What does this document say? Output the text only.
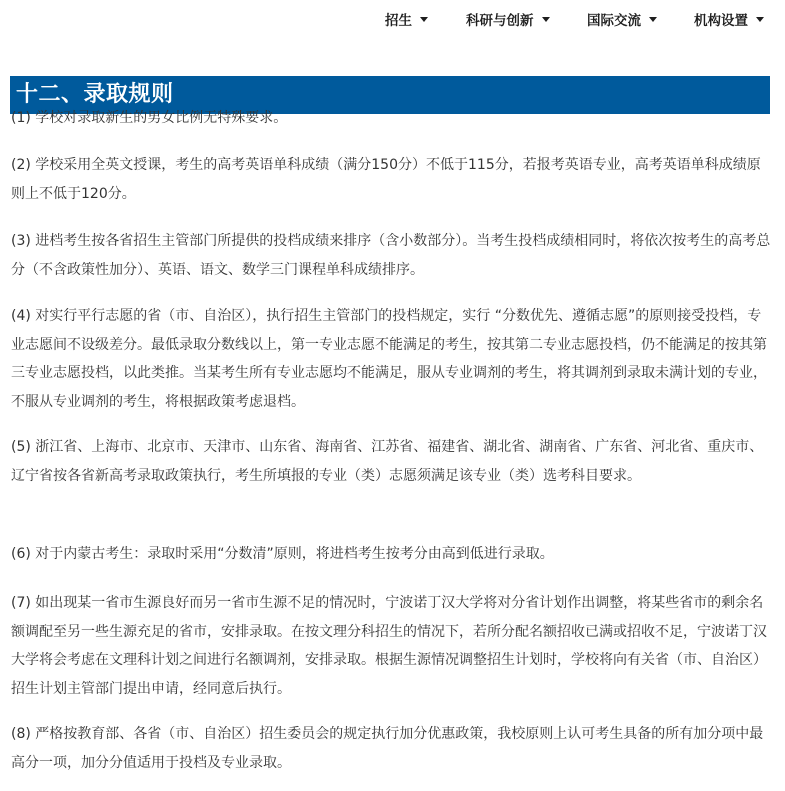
招生	科研与创新	国际交流	机构设置
十二、录取规则

(1) 学校对录取新生的男女比例无特殊要求。

(2) 学校采用全英文授课，考生的高考英语单科成绩（满分150分）不低于115分，若报考英语专业，高考英语单科成绩原则上不低于120分。

(3) 进档考生按各省招生主管部门所提供的投档成绩来排序（含小数部分）。当考生投档成绩相同时，将依次按考生的高考总分（不含政策性加分）、英语、语文、数学三门课程单科成绩排序。

(4) 对实行平行志愿的省（市、自治区），执行招生主管部门的投档规定，实行 “分数优先、遵循志愿”的原则接受投档，专业志愿间不设级差分。最低录取分数线以上，第一专业志愿不能满足的考生，按其第二专业志愿投档，仍不能满足的按其第三专业志愿投档，以此类推。当某考生所有专业志愿均不能满足，服从专业调剂的考生，将其调剂到录取未满计划的专业，不服从专业调剂的考生，将根据政策考虑退档。

(5) 浙江省、上海市、北京市、天津市、山东省、海南省、江苏省、福建省、湖北省、湖南省、广东省、河北省、重庆市、辽宁省按各省新高考录取政策执行，考生所填报的专业（类）志愿须满足该专业（类）选考科目要求。

(6) 对于内蒙古考生：录取时采用“分数清”原则，将进档考生按考分由高到低进行录取。

(7) 如出现某一省市生源良好而另一省市生源不足的情况时，宁波诺丁汉大学将对分省计划作出调整，将某些省市的剩余名额调配至另一些生源充足的省市，安排录取。在按文理分科招生的情况下，若所分配名额招收已满或招收不足，宁波诺丁汉大学将会考虑在文理科计划之间进行名额调剂，安排录取。根据生源情况调整招生计划时，学校将向有关省（市、自治区）招生计划主管部门提出申请，经同意后执行。

(8) 严格按教育部、各省（市、自治区）招生委员会的规定执行加分优惠政策，我校原则上认可考生具备的所有加分项中最高分一项，加分分值适用于投档及专业录取。
